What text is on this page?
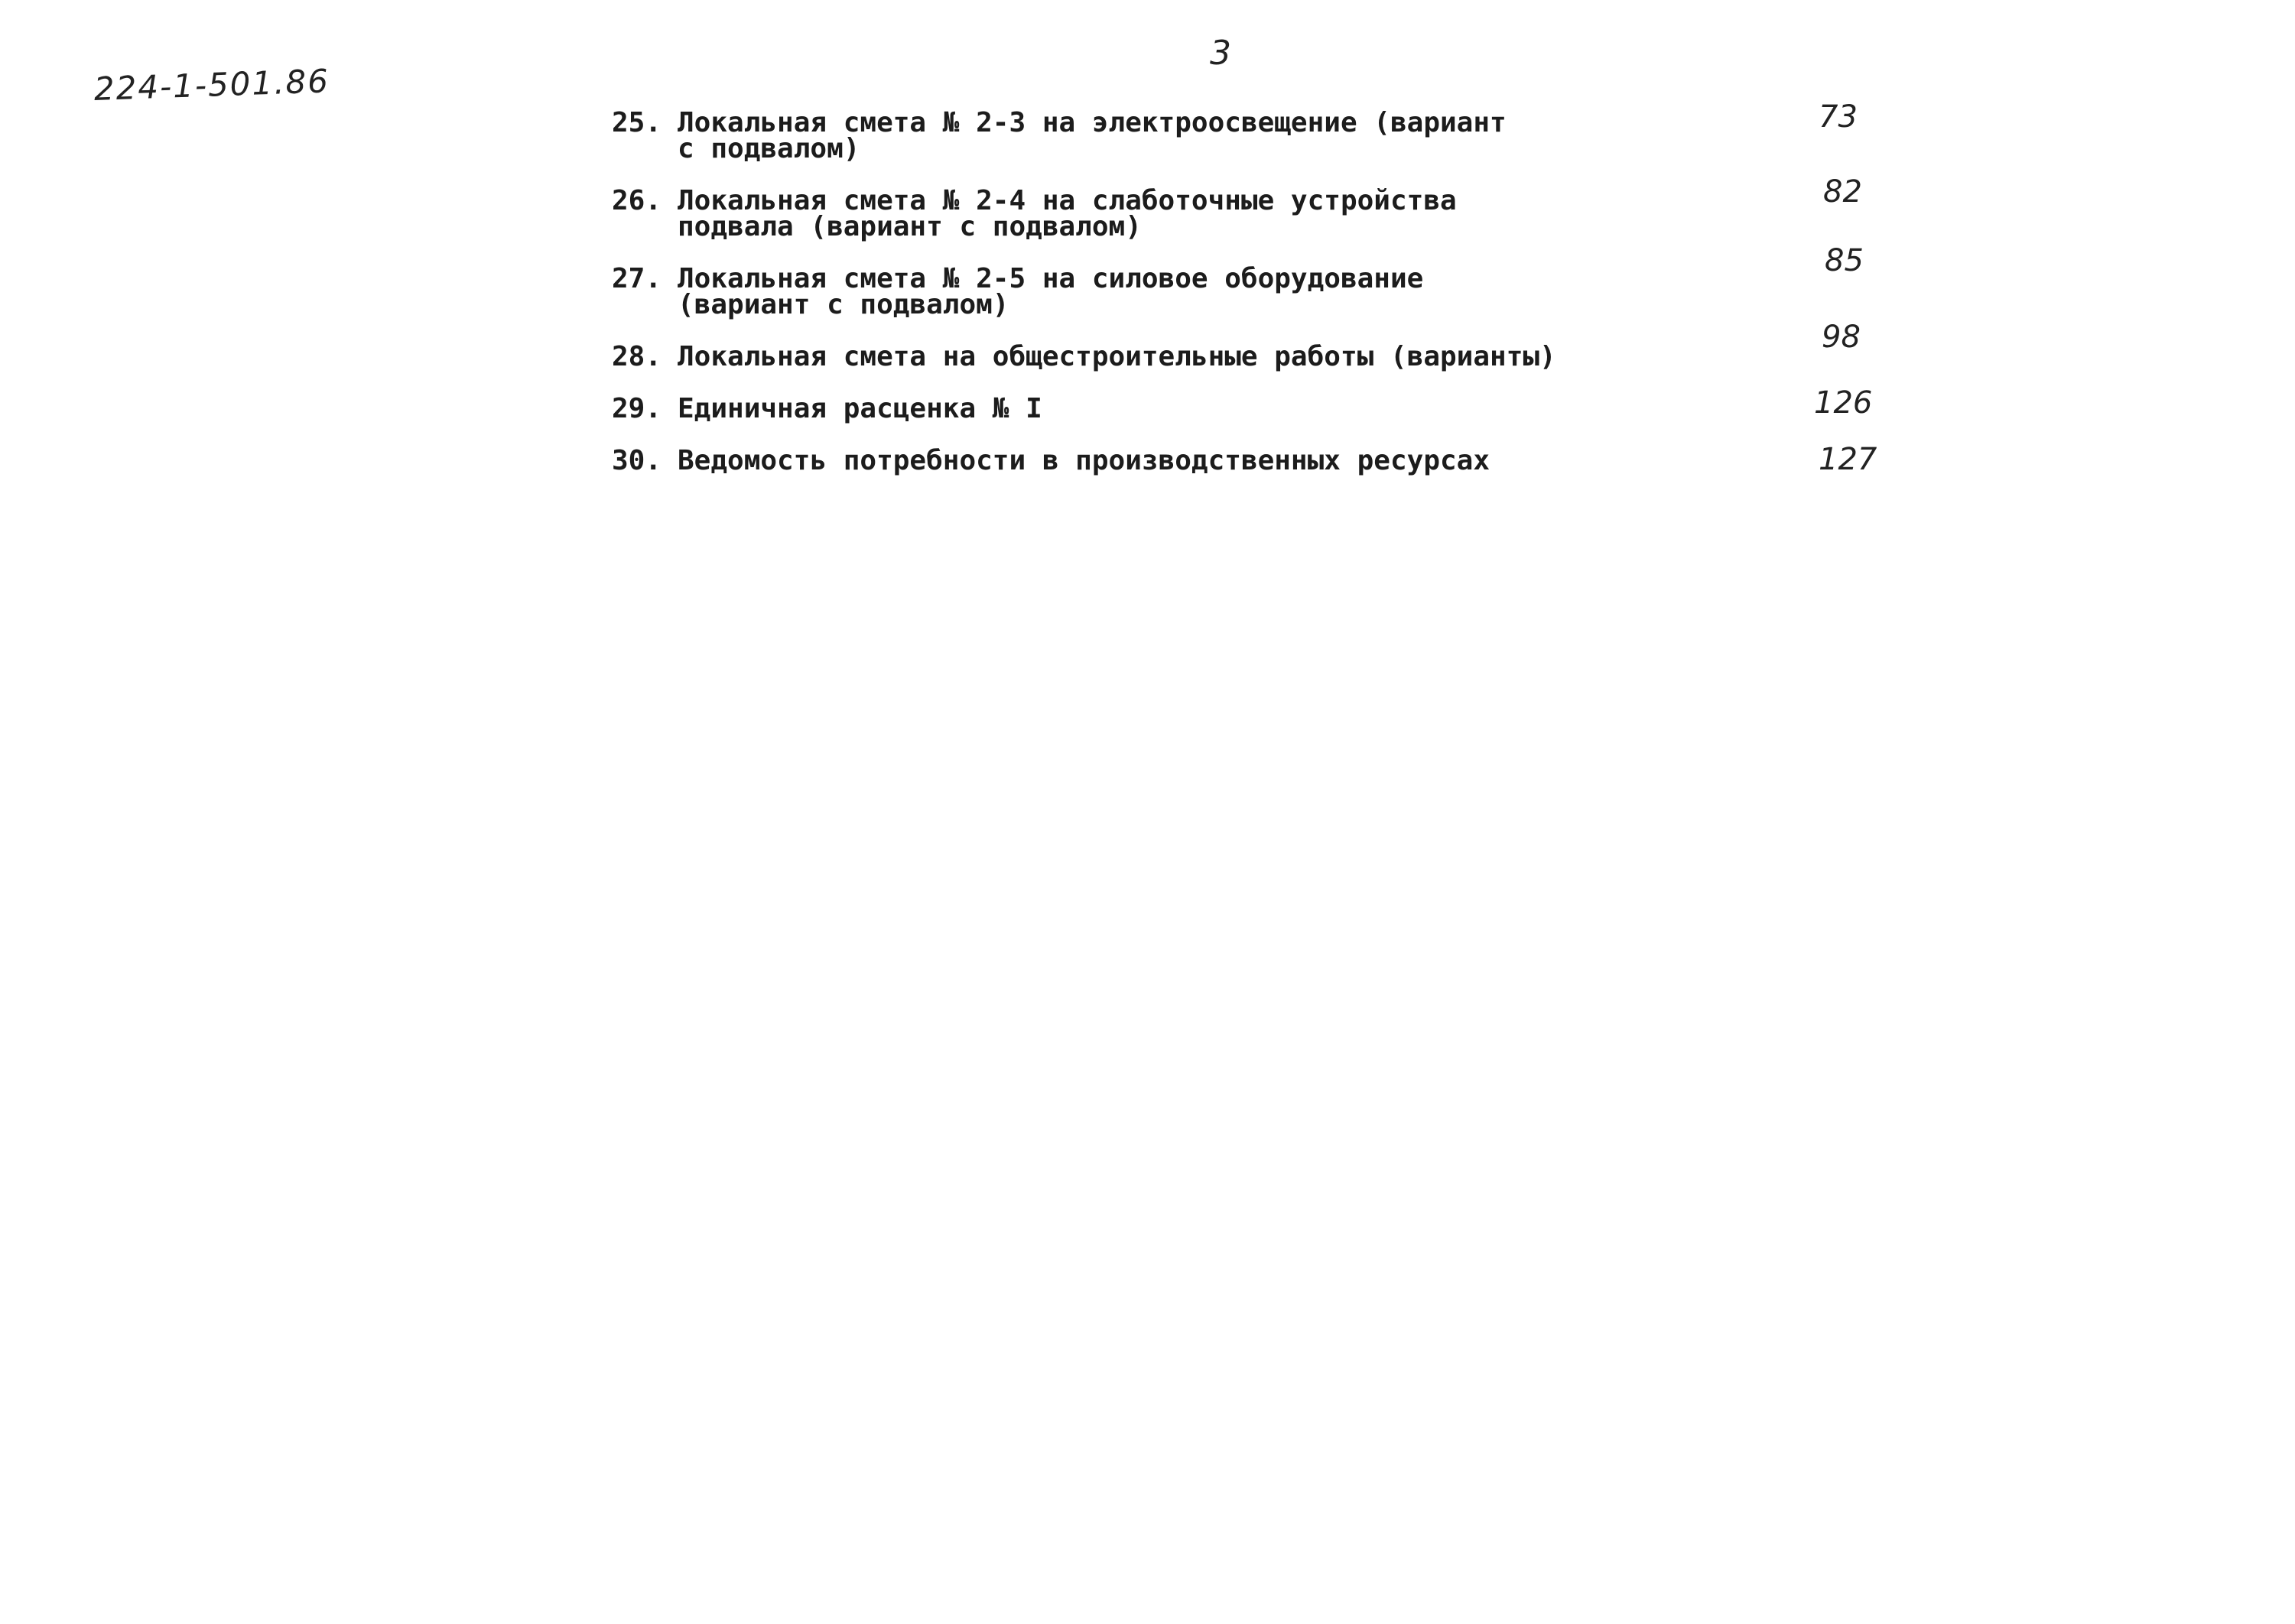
224-1-501.86
3
25. Локальная смета № 2-3 на электроосвещение (вариант
с подвалом)
73
26. Локальная смета № 2-4 на слаботочные устройства
подвала (вариант с подвалом)
82
27. Локальная смета № 2-5 на силовое оборудование
(вариант с подвалом)
85
28. Локальная смета на общестроительные работы (варианты)
98
29. Единичная расценка № I	126
30. Ведомость потребности в производственных ресурсах	127
